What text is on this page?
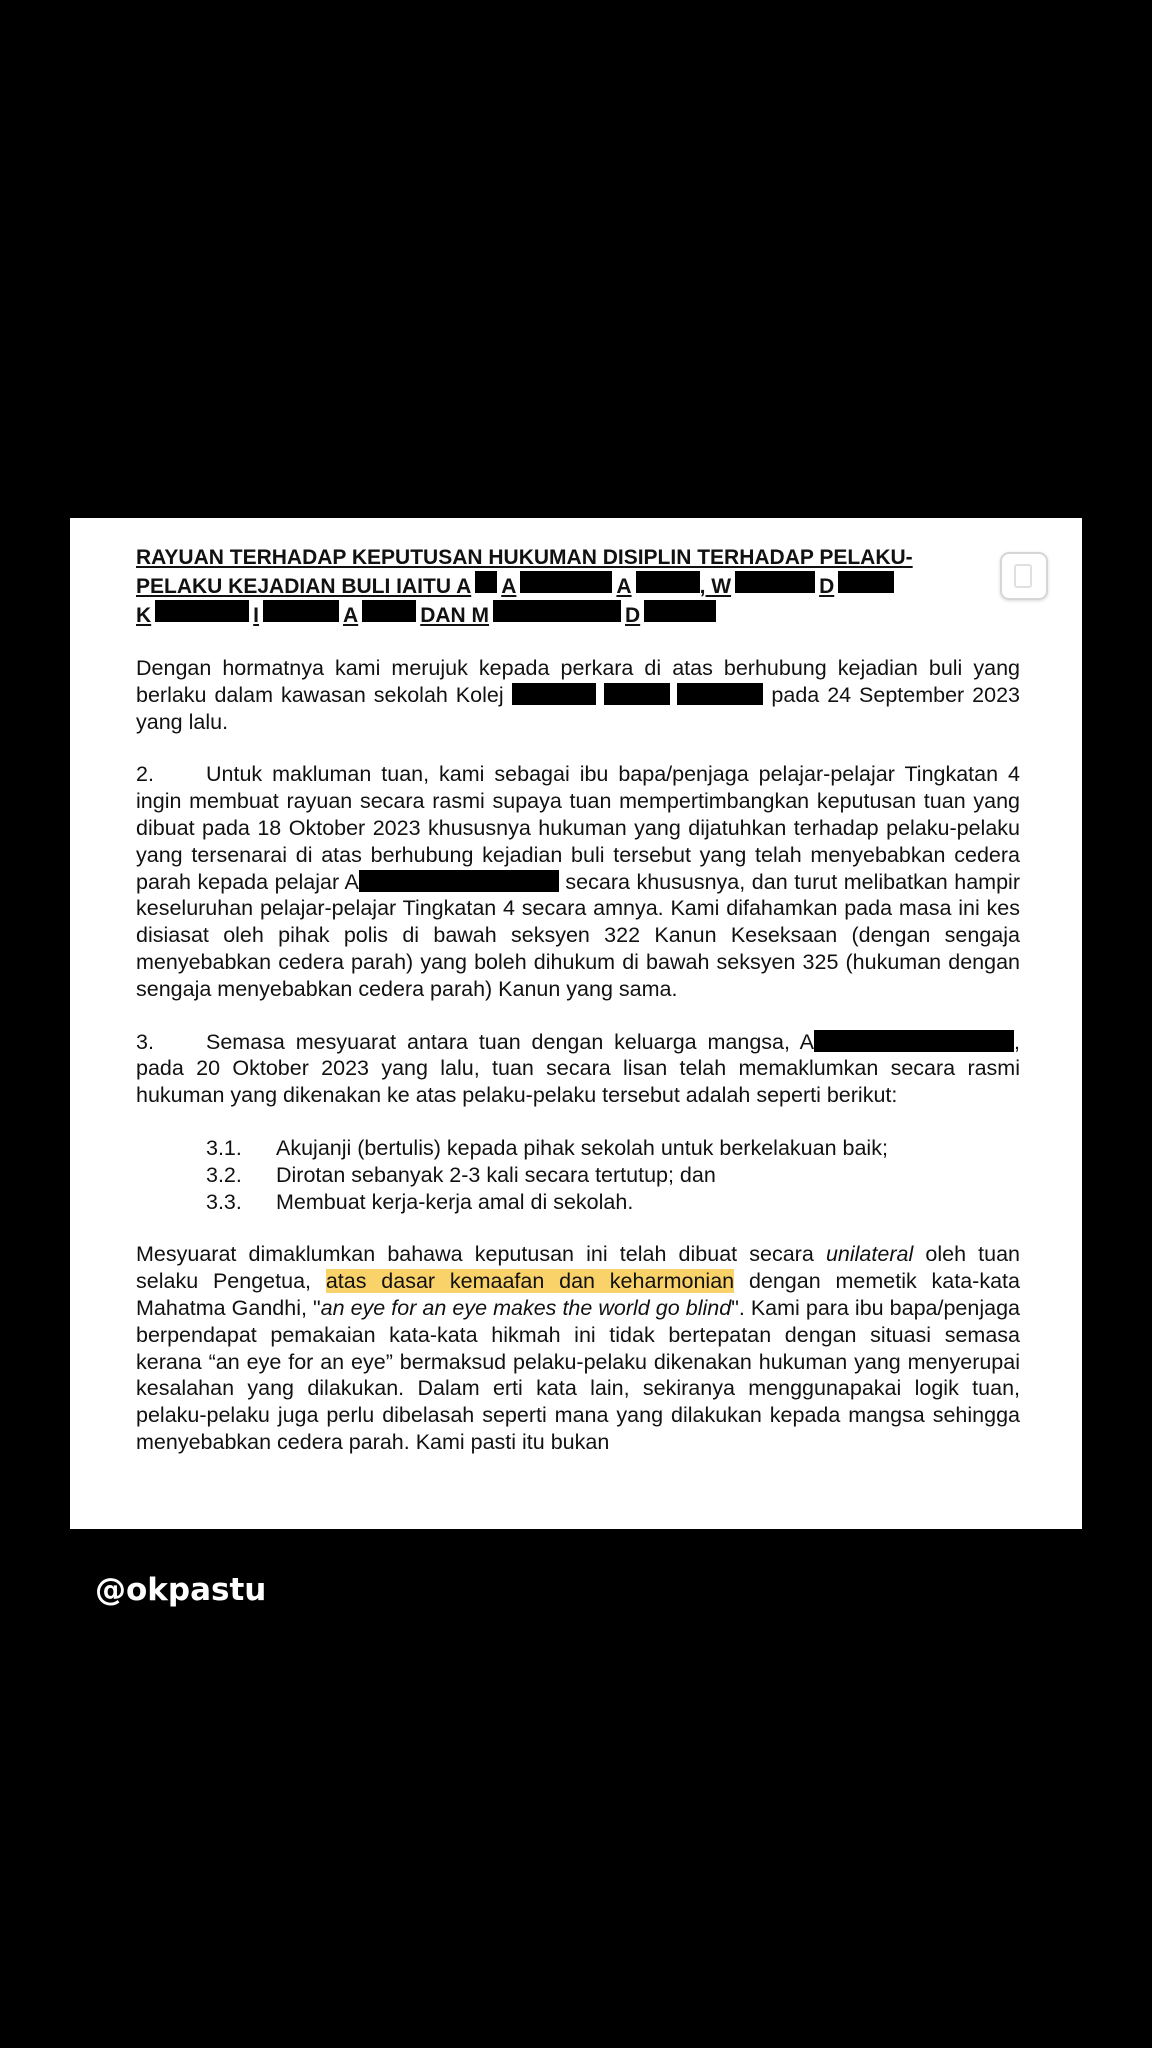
RAYUAN TERHADAP KEPUTUSAN HUKUMAN DISIPLIN TERHADAP PELAKU-
PELAKU KEJADIAN BULI IAITU A A	A	, W	D
K	I	A	DAN M	D

Dengan hormatnya kami merujuk kepada perkara di atas berhubung kejadian buli yang berlaku dalam kawasan sekolah Kolej	pada 24 September 2023 yang lalu.

2. Untuk makluman tuan, kami sebagai ibu bapa/penjaga pelajar-pelajar Tingkatan 4 ingin membuat rayuan secara rasmi supaya tuan mempertimbangkan keputusan tuan yang dibuat pada 18 Oktober 2023 khususnya hukuman yang dijatuhkan terhadap pelaku-pelaku yang tersenarai di atas berhubung kejadian buli tersebut yang telah menyebabkan cedera parah kepada pelajar A	secara khususnya, dan turut melibatkan hampir keseluruhan pelajar-pelajar Tingkatan 4 secara amnya. Kami difahamkan pada masa ini kes disiasat oleh pihak polis di bawah seksyen 322 Kanun Keseksaan (dengan sengaja menyebabkan cedera parah) yang boleh dihukum di bawah seksyen 325 (hukuman dengan sengaja menyebabkan cedera parah) Kanun yang sama.

3. Semasa mesyuarat antara tuan dengan keluarga mangsa, A	, pada 20 Oktober 2023 yang lalu, tuan secara lisan telah memaklumkan secara rasmi hukuman yang dikenakan ke atas pelaku-pelaku tersebut adalah seperti berikut:

3.1.	Akujanji (bertulis) kepada pihak sekolah untuk berkelakuan baik;
3.2.	Dirotan sebanyak 2-3 kali secara tertutup; dan
3.3.	Membuat kerja-kerja amal di sekolah.

Mesyuarat dimaklumkan bahawa keputusan ini telah dibuat secara unilateral oleh tuan selaku Pengetua, atas dasar kemaafan dan keharmonian dengan memetik kata-kata Mahatma Gandhi, "an eye for an eye makes the world go blind". Kami para ibu bapa/penjaga berpendapat pemakaian kata-kata hikmah ini tidak bertepatan dengan situasi semasa kerana “an eye for an eye” bermaksud pelaku-pelaku dikenakan hukuman yang menyerupai kesalahan yang dilakukan. Dalam erti kata lain, sekiranya menggunapakai logik tuan, pelaku-pelaku juga perlu dibelasah seperti mana yang dilakukan kepada mangsa sehingga menyebabkan cedera parah. Kami pasti itu bukan

@okpastu
